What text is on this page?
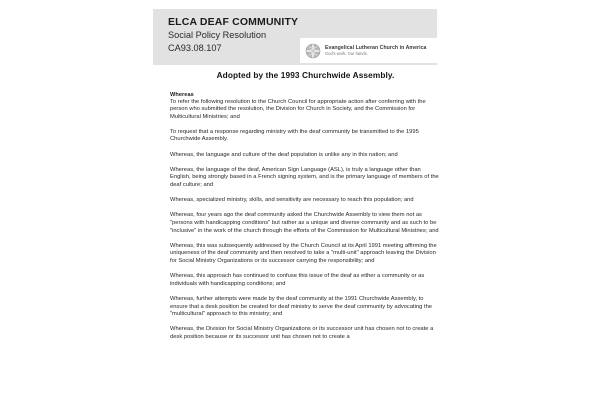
ELCA DEAF COMMUNITY
Social Policy Resolution
CA93.08.107	Evangelical Lutheran Church in America
God's work. Our hands.
Adopted by the 1993 Churchwide Assembly.
Whereas

To refer the following resolution to the Church Council for appropriate action after conferring with the person who submitted the resolution, the Division for Church in Society, and the Commission for Multicultural Ministries; and

To request that a response regarding ministry with the deaf community be transmitted to the 1995 Churchwide Assembly.

Whereas, the language and culture of the deaf population is unlike any in this nation; and

Whereas, the language of the deaf, American Sign Language (ASL), is truly a language other than English, being strongly based in a French signing system, and is the primary language of members of the deaf culture; and

Whereas, specialized ministry, skills, and sensitivity are necessary to reach this population; and

Whereas, four years ago the deaf community asked the Churchwide Assembly to view them not as "persons with handicapping conditions" but rather as a unique and diverse community and as such to be "inclusive" in the work of the church through the efforts of the Commission for Multicultural Ministries; and

Whereas, this was subsequently addressed by the Church Council at its April 1991 meeting affirming the uniqueness of the deaf community and then resolved to take a "multi-unit" approach leaving the Division for Social Ministry Organizations or its successor carrying the responsibility; and

Whereas, this approach has continued to confuse this issue of the deaf as either a community or as individuals with handicapping conditions; and

Whereas, further attempts were made by the deaf community at the 1991 Churchwide Assembly, to ensure that a desk position be created for deaf ministry to serve the deaf community by advocating the "multicultural" approach to this ministry; and

Whereas, the Division for Social Ministry Organizations or its successor unit has chosen not to create a desk position because or its successor unit has chosen not to create a
